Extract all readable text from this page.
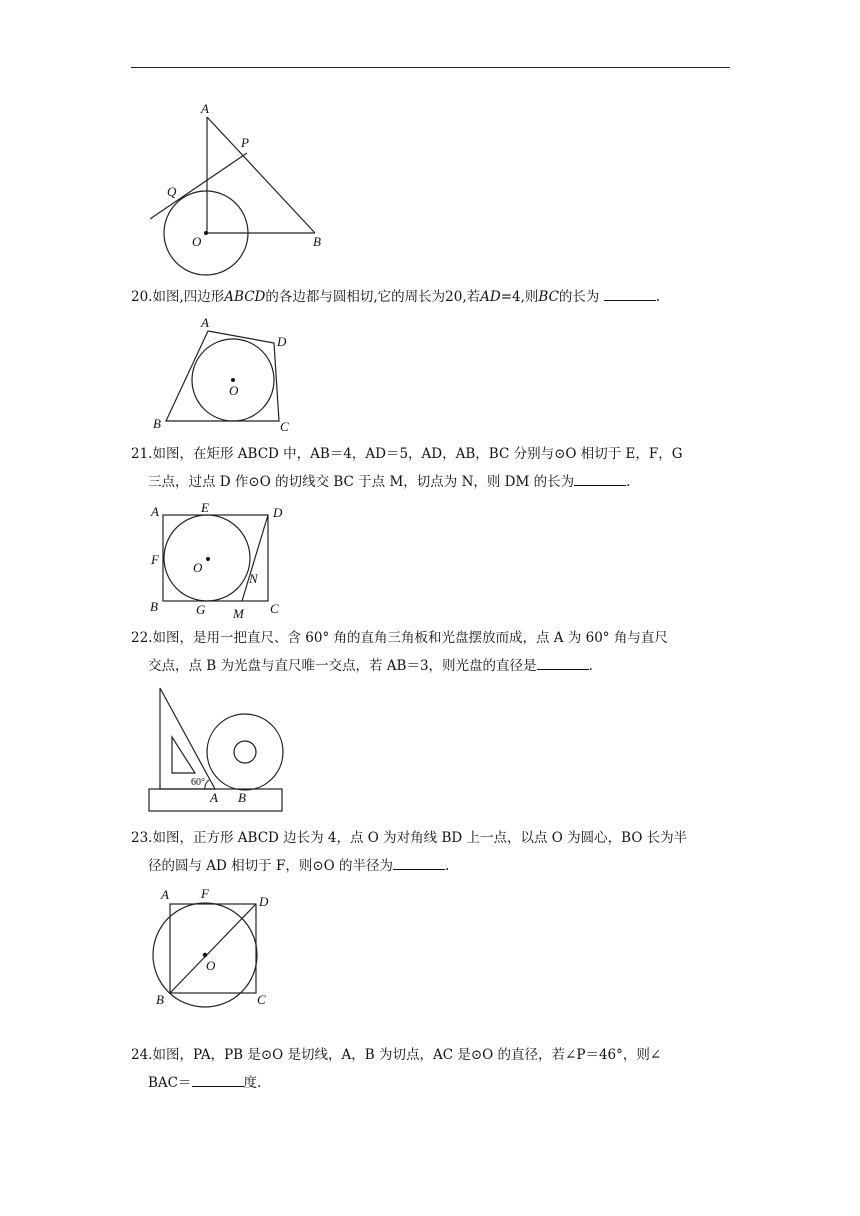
A
P
Q
O	B
20.如图,四边形ABCD的各边都与圆相切,它的周长为20,若AD=4,则BC的长为	.
A
D
O
B	C
21.如图，在矩形 ABCD 中，AB＝4，AD＝5，AD，AB，BC 分别与⊙O 相切于 E，F，G
三点，过点 D 作⊙O 的切线交 BC 于点 M，切点为 N，则 DM 的长为	.
A	E	D
F
O
N
B	G M C
22.如图，是用一把直尺、含 60° 角的直角三角板和光盘摆放而成，点 A 为 60° 角与直尺
交点，点 B 为光盘与直尺唯一交点，若 AB＝3，则光盘的直径是	.
60°
A B
23.如图，正方形 ABCD 边长为 4，点 O 为对角线 BD 上一点，以点 O 为圆心，BO 长为半
径的圆与 AD 相切于 F，则⊙O 的半径为	.
A F
D
O
B	C
24.如图，PA，PB 是⊙O 是切线，A，B 为切点，AC 是⊙O 的直径，若∠P＝46°，则∠
BAC＝	度.
